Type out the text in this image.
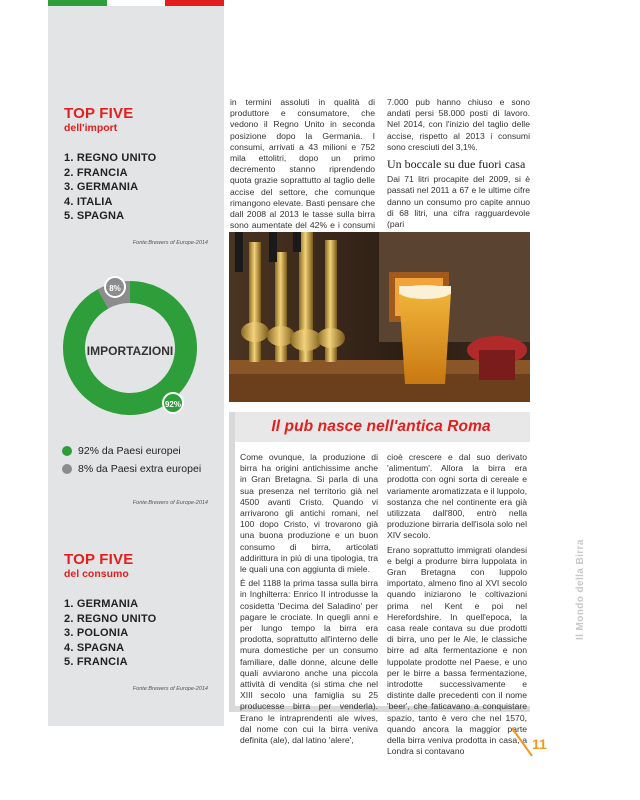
TOP FIVE
dell'import
1. REGNO UNITO
2. FRANCIA
3. GERMANIA
4. ITALIA
5. SPAGNA
Fonte:Brewers of Europe-2014
IMPORTAZIONI
8%
92%
92% da Paesi europei
8% da Paesi extra europei
Fonte:Brewers of Europe-2014
TOP FIVE
del consumo
1. GERMANIA
2. REGNO UNITO
3. POLONIA
4. SPAGNA
5. FRANCIA
Fonte:Brewers of Europe-2014

in termini assoluti in qualità di produttore e consumatore, che vedono il Regno Unito in seconda posizione dopo la Germania. I consumi, arrivati a 43 milioni e 752 mila ettolitri, dopo un primo decremento stanno riprendendo quota grazie soprattutto al taglio delle accise del settore, che comunque rimangono elevate. Basti pensare che dall 2008 al 2013 le tasse sulla birra sono aumentate del 42% e i consumi

7.000 pub hanno chiuso e sono andati persi 58.000 posti di lavoro. Nel 2014, con l'inizio del taglio delle accise, rispetto al 2013 i consumi sono cresciuti del 3,1%.

Un boccale su due fuori casa

Dai 71 litri procapite del 2009, si è passati nel 2011 a 67 e le ultime cifre danno un consumo pro capite annuo di 68 litri, una cifra ragguardevole (pari

Il pub nasce nell'antica Roma

Come ovunque, la produzione di birra ha origini antichissime anche in Gran Bretagna. Si parla di una sua presenza nel territorio già nel 4500 avanti Cristo. Quando vi arrivarono gli antichi romani, nel 100 dopo Cristo, vi trovarono già una buona produzione e un buon consumo di birra, articolati addirittura in più di una tipologia, tra le quali una con aggiunta di miele.

È del 1188 la prima tassa sulla birra in Inghilterra: Enrico II introdusse la cosidetta 'Decima del Saladino' per pagare le crociate. In quegli anni e per lungo tempo la birra era prodotta, soprattutto all'interno delle mura domestiche per un consumo familiare, dalle donne, alcune delle quali avviarono anche una piccola attività di vendita (si stima che nel XIII secolo una famiglia su 25 producesse birra per venderla). Erano le intraprendenti ale wives, dal nome con cui la birra veniva definita (ale), dal latino 'alere',

cioè crescere e dal suo derivato 'alimentum'. Allora la birra era prodotta con ogni sorta di cereale e variamente aromatizzata e il luppolo, sostanza che nel continente era già utilizzata dall'800, entrò nella produzione birraria dell'isola solo nel XIV secolo.

Erano soprattutto immigrati olandesi e belgi a produrre birra luppolata in Gran Bretagna con luppolo importato, almeno fino al XVI secolo quando iniziarono le coltivazioni prima nel Kent e poi nel Herefordshire. In quell'epoca, la casa reale contava su due prodotti di birra, uno per le Ale, le classiche birre ad alta fermentazione e non luppolate prodotte nel Paese, e uno per le birre a bassa fermentazione, introdotte successivamente e distinte dalle precedenti con il nome 'beer', che faticavano a conquistare spazio, tanto è vero che nel 1570, quando ancora la maggior parte della birra veniva prodotta in casa, a Londra si contavano	11
Il Mondo della Birra
